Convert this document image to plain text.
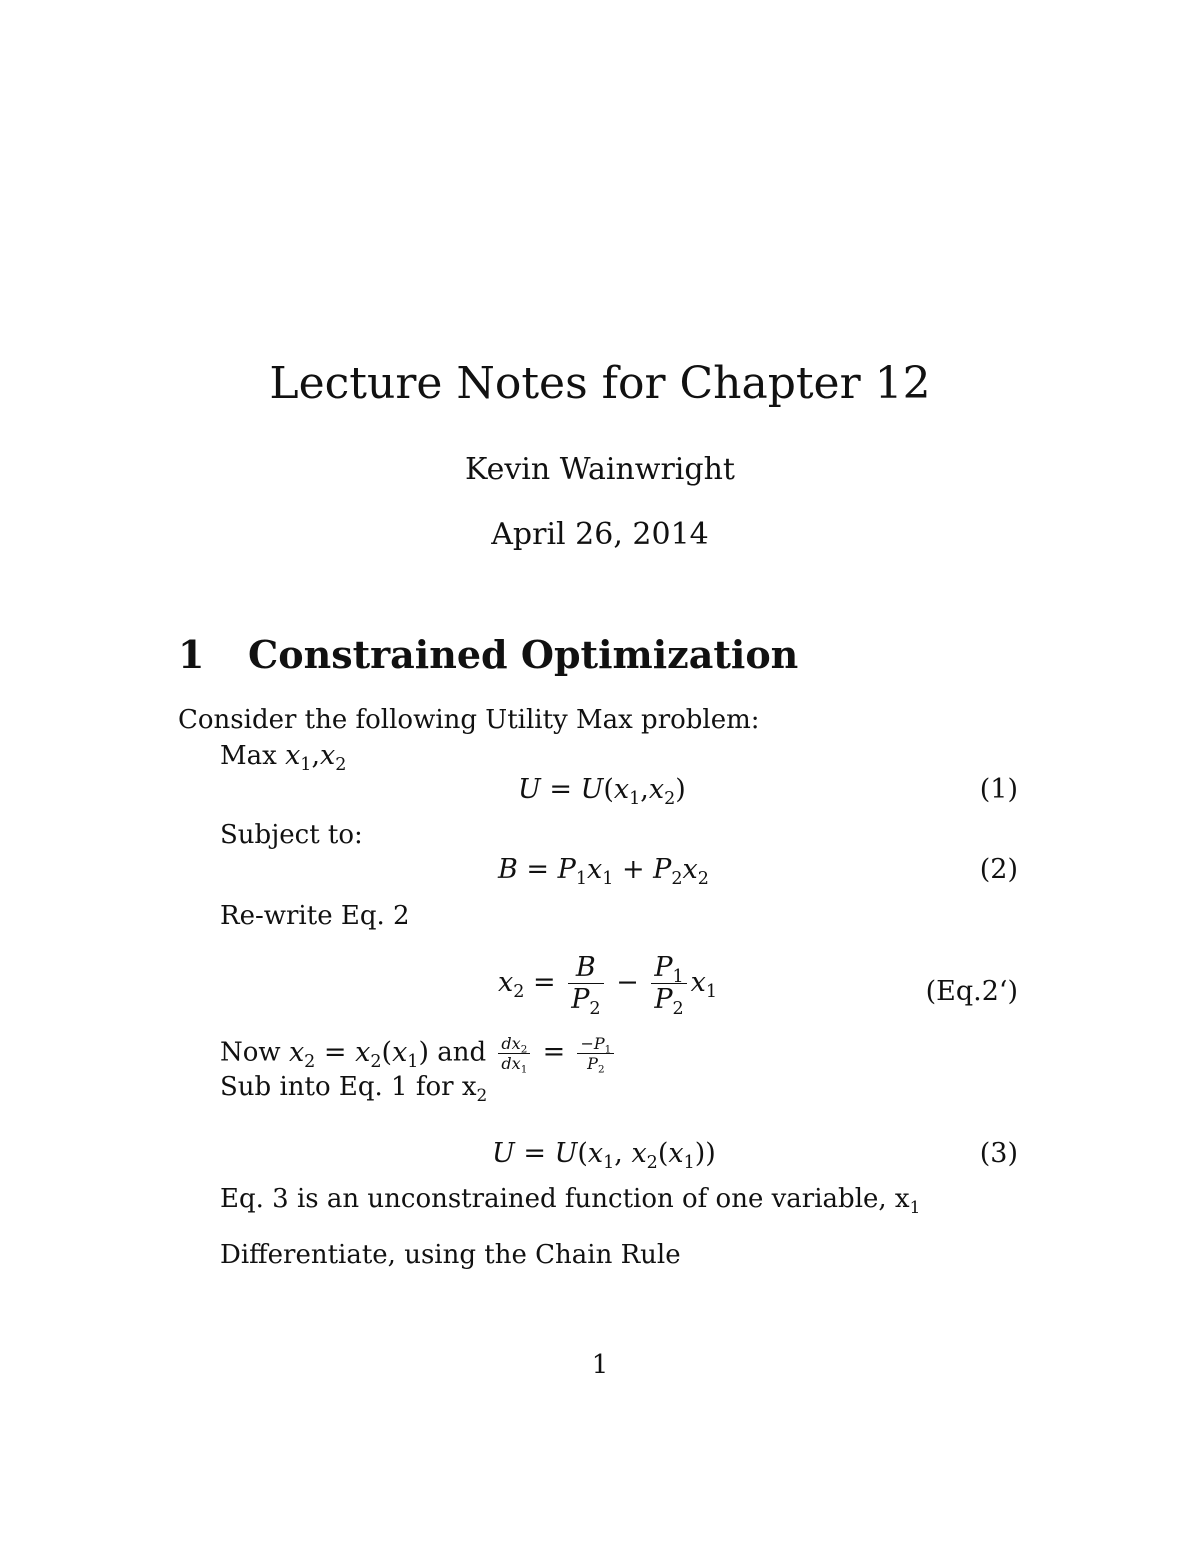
Lecture Notes for Chapter 12
Kevin Wainwright
April 26, 2014
1 Constrained Optimization
Consider the following Utility Max problem:
Max $x_1,x_2$
$U = U(x_1,x_2)$	(1)
Subject to:
$B = P_1x_1 + P_2x_2$	(2)
Re-write Eq. 2
$x_2 = \frac{B}{P_2} - \frac{P_1}{P_2} x_1$	(Eq.2‘)
Now $x_2 = x_2(x_1)$ and $\frac{dx_2}{dx_1} = \frac{-P_1}{P_2}$
Sub into Eq. 1 for $x_2$
$U = U(x_1$, $x_2(x_1)$)	(3)
Eq. 3 is an unconstrained function of one variable, $x_1$
Differentiate, using the Chain Rule
1
